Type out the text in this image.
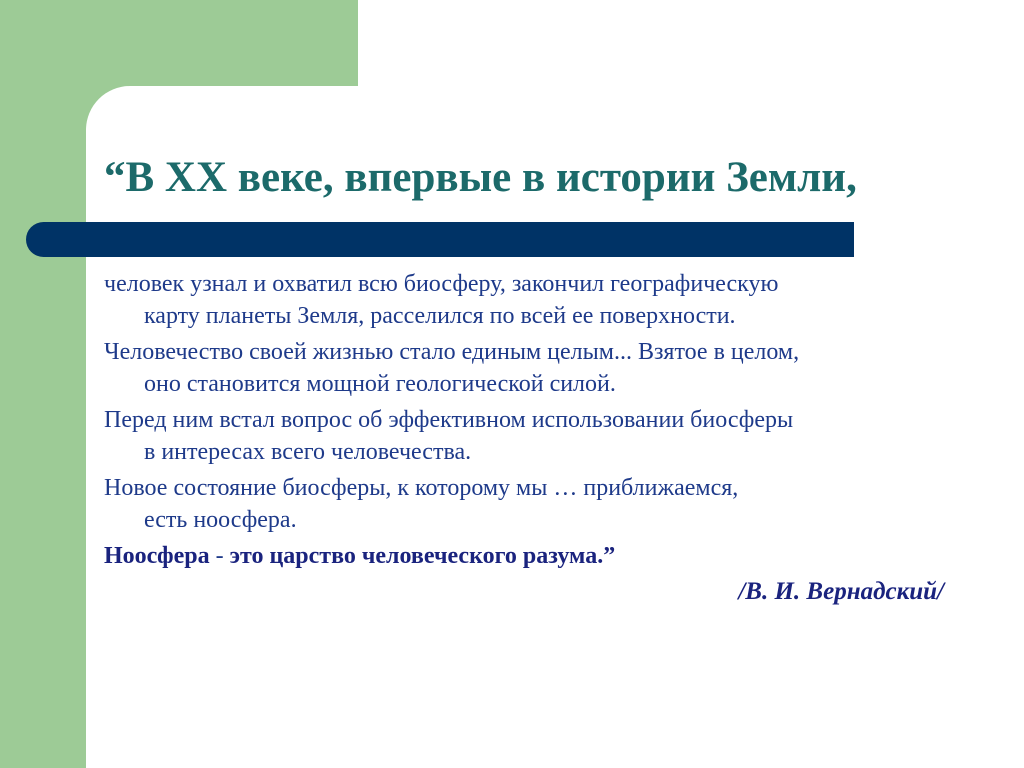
“В XX веке, впервые в истории Земли,

человек узнал и охватил всю биосферу, закончил географическую
карту планеты Земля, расселился по всей ее поверхности.

Человечество своей жизнью стало единым целым... Взятое в целом,
оно становится мощной геологической силой.

Перед ним встал вопрос об эффективном использовании биосферы
в интересах всего человечества.

Новое состояние биосферы, к которому мы … приближаемся,
есть ноосфера.

Ноосфера - это царство человеческого разума.”

/В. И. Вернадский/
